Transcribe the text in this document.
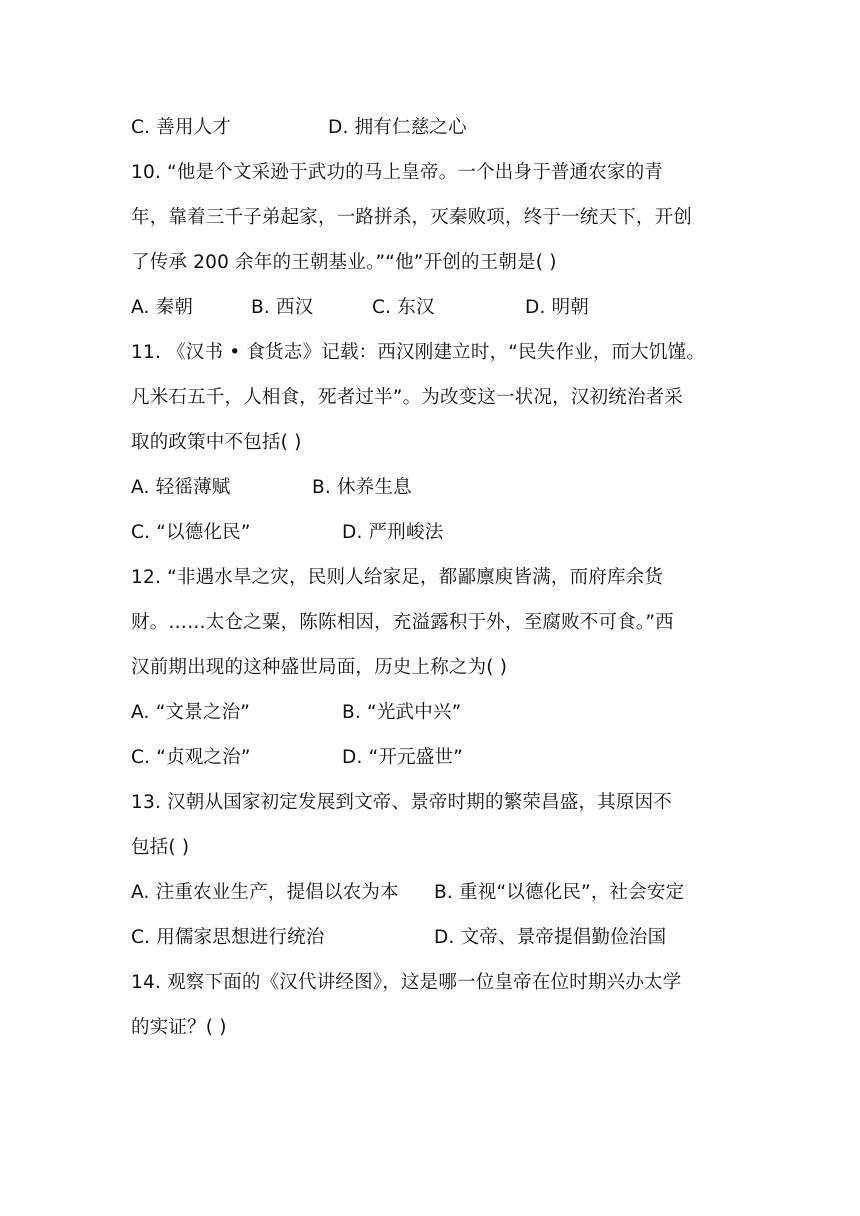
C. 善用人才	D. 拥有仁慈之心
10. “他是个文采逊于武功的马上皇帝。一个出身于普通农家的青
年，靠着三千子弟起家，一路拼杀，灭秦败项，终于一统天下，开创
了传承 200 余年的王朝基业。”“他”开创的王朝是( )
A. 秦朝	B. 西汉	C. 东汉	D. 明朝
11. 《汉书 • 食货志》记载：西汉刚建立时，“民失作业，而大饥馑。
凡米石五千，人相食，死者过半”。为改变这一状况，汉初统治者采
取的政策中不包括( )
A. 轻徭薄赋	B. 休养生息
C. “以德化民”	D. 严刑峻法
12. “非遇水旱之灾，民则人给家足，都鄙廪庾皆满，而府库余货
财。……太仓之粟，陈陈相因，充溢露积于外，至腐败不可食。”西
汉前期出现的这种盛世局面，历史上称之为( )
A. “文景之治”	B. “光武中兴”
C. “贞观之治”	D. “开元盛世”
13. 汉朝从国家初定发展到文帝、景帝时期的繁荣昌盛，其原因不
包括( )
A. 注重农业生产，提倡以农为本 B. 重视“以德化民”，社会安定
C. 用儒家思想进行统治	D. 文帝、景帝提倡勤俭治国
14. 观察下面的《汉代讲经图》，这是哪一位皇帝在位时期兴办太学
的实证？( )
